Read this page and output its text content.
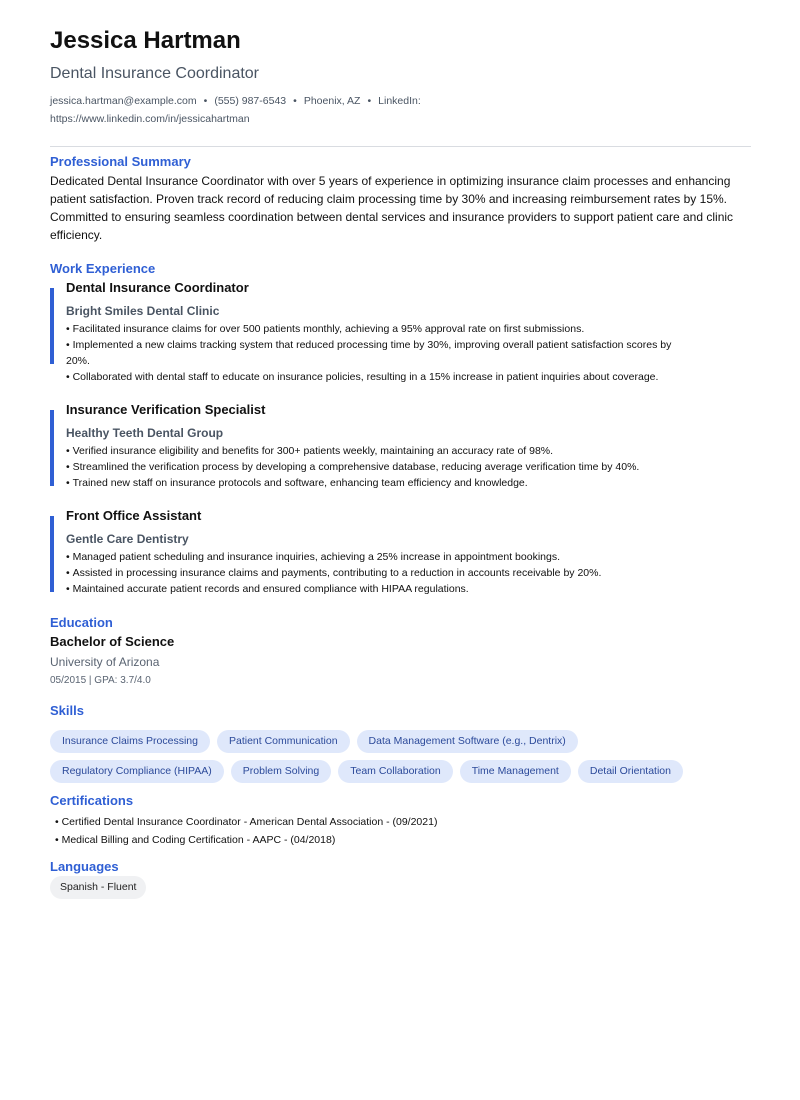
Jessica Hartman
Dental Insurance Coordinator
jessica.hartman@example.com • (555) 987-6543 • Phoenix, AZ • LinkedIn:
https://www.linkedin.com/in/jessicahartman
Professional Summary

Dedicated Dental Insurance Coordinator with over 5 years of experience in optimizing insurance claim processes and enhancing patient satisfaction. Proven track record of reducing claim processing time by 30% and increasing reimbursement rates by 15%. Committed to ensuring seamless coordination between dental services and insurance providers to support patient care and clinic efficiency.

Work Experience
Dental Insurance Coordinator
Bright Smiles Dental Clinic
• Facilitated insurance claims for over 500 patients monthly, achieving a 95% approval rate on first submissions.
• Implemented a new claims tracking system that reduced processing time by 30%, improving overall patient satisfaction scores by 20%.
• Collaborated with dental staff to educate on insurance policies, resulting in a 15% increase in patient inquiries about coverage.
Insurance Verification Specialist
Healthy Teeth Dental Group
• Verified insurance eligibility and benefits for 300+ patients weekly, maintaining an accuracy rate of 98%.
• Streamlined the verification process by developing a comprehensive database, reducing average verification time by 40%.
• Trained new staff on insurance protocols and software, enhancing team efficiency and knowledge.
Front Office Assistant
Gentle Care Dentistry
• Managed patient scheduling and insurance inquiries, achieving a 25% increase in appointment bookings.
• Assisted in processing insurance claims and payments, contributing to a reduction in accounts receivable by 20%.
• Maintained accurate patient records and ensured compliance with HIPAA regulations.
Education
Bachelor of Science
University of Arizona
05/2015 | GPA: 3.7/4.0
Skills
Insurance Claims Processing	Patient Communication	Data Management Software (e.g., Dentrix)
Regulatory Compliance (HIPAA)	Problem Solving	Team Collaboration	Time Management	Detail Orientation
Certifications
• Certified Dental Insurance Coordinator - American Dental Association - (09/2021)
• Medical Billing and Coding Certification - AAPC - (04/2018)
Languages
Spanish - Fluent
